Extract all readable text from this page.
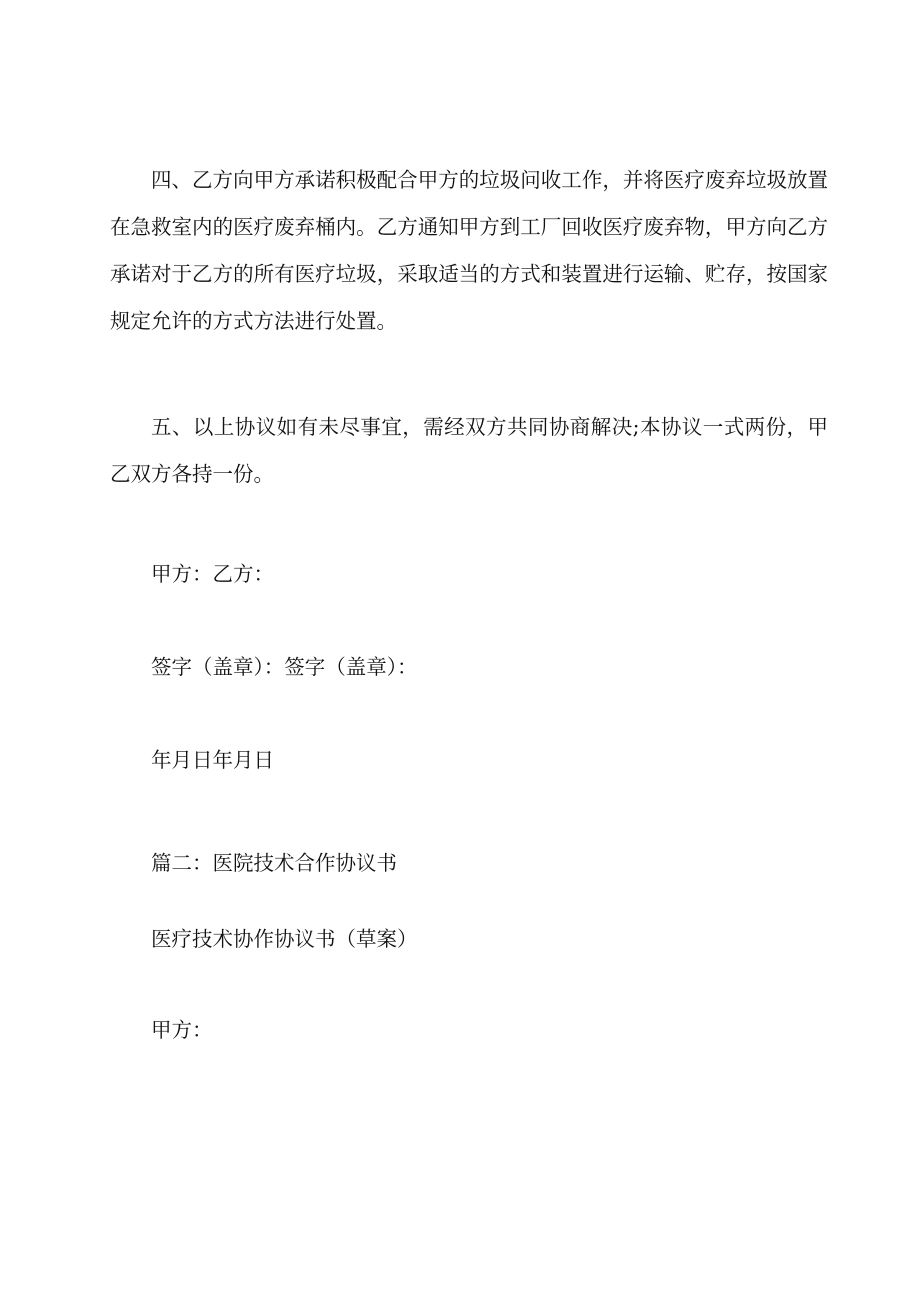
四、乙方向甲方承诺积极配合甲方的垃圾问收工作，并将医疗废弃垃圾放置在急救室内的医疗废弃桶内。乙方通知甲方到工厂回收医疗废弃物，甲方向乙方承诺对于乙方的所有医疗垃圾，采取适当的方式和装置进行运输、贮存，按国家规定允许的方式方法进行处置。

五、以上协议如有未尽事宜，需经双方共同协商解决;本协议一式两份，甲乙双方各持一份。

甲方：乙方：

签字（盖章）：签字（盖章）：

年月日年月日

篇二：医院技术合作协议书

医疗技术协作协议书（草案）

甲方：
